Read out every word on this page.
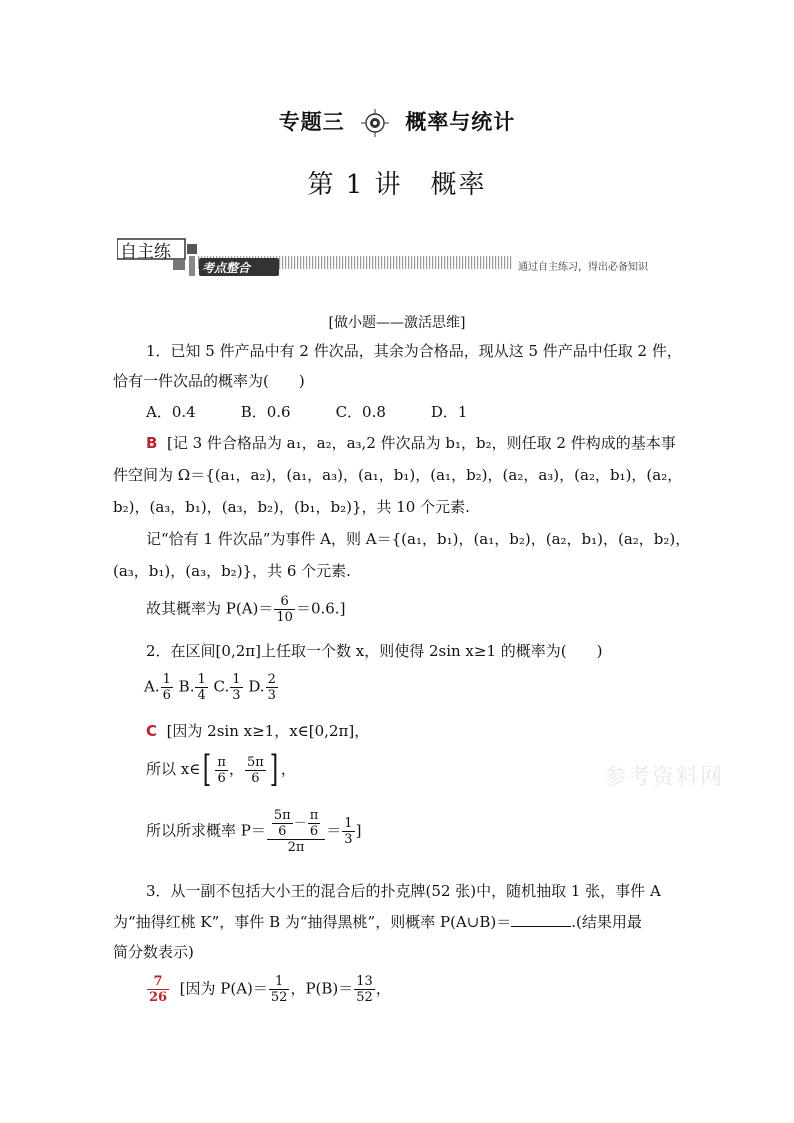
专题三	概率与统计
第 1 讲 概率
自主练
考点整合	通过自主练习，得出必备知识
[做小题——激活思维]
1．已知 5 件产品中有 2 件次品，其余为合格品，现从这 5 件产品中任取 2 件，
恰有一件次品的概率为(　　)
A．0.4　　　B．0.6　　　C．0.8　　　D．1
B [记 3 件合格品为 a₁，a₂，a₃,2 件次品为 b₁，b₂，则任取 2 件构成的基本事
件空间为 Ω＝{(a₁，a₂)，(a₁，a₃)，(a₁，b₁)，(a₁，b₂)，(a₂，a₃)，(a₂，b₁)，(a₂，
b₂)，(a₃，b₁)，(a₃，b₂)，(b₁，b₂)}，共 10 个元素.
记“恰有 1 件次品”为事件 A，则 A＝{(a₁，b₁)，(a₁，b₂)，(a₂，b₁)，(a₂，b₂)，
(a₃，b₁)，(a₃，b₂)}，共 6 个元素.
故其概率为 $P(A)= \frac{6}{10} =0.6$.]
2．在区间[0,2π]上任取一个数 x，则使得 2sin x≥1 的概率为(　　)
A. $\frac{1}{6} B$. $\frac{1}{4} C$. $\frac{1}{3} D$. $\frac{2}{3}$
C [因为 2sin x≥1，x∈[0,2π]，
所以 x∈[ $\frac{\pi}{6}$ ， $\frac{5\pi}{6}$ ] ，
所以所求概率 $P= \frac{\frac{5\pi}{6} - \frac{\pi}{6}}{2\pi} = \frac{1}{3}$ ]
3．从一副不包括大小王的混合后的扑克牌(52 张)中，随机抽取 1 张，事件 A
为“抽得红桃 K”，事件 B 为“抽得黑桃”，则概率 P(A∪B)＝	.(结果用最
简分数表示)
$\frac{7}{26}$ [因为 $P(A)= \frac{1}{52}$ ，$P(B)= \frac{13}{52}$ ，
参考资料网
